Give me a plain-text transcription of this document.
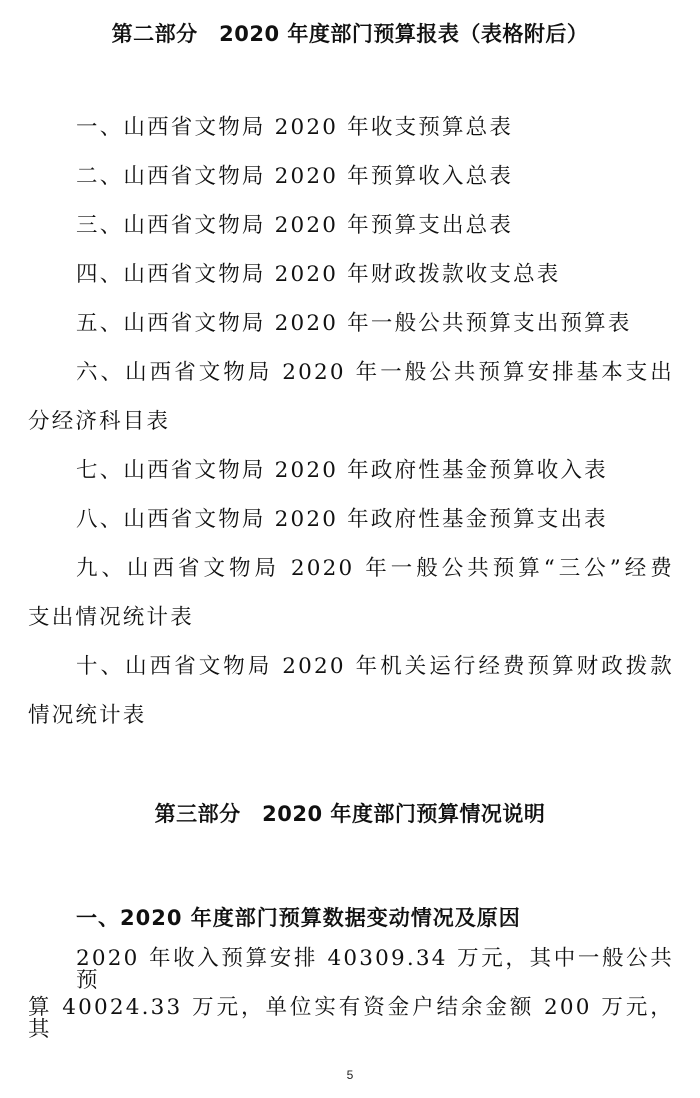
第二部分　2020 年度部门预算报表（表格附后）
一、山西省文物局 2020 年收支预算总表
二、山西省文物局 2020 年预算收入总表
三、山西省文物局 2020 年预算支出总表
四、山西省文物局 2020 年财政拨款收支总表
五、山西省文物局 2020 年一般公共预算支出预算表
六、山西省文物局 2020 年一般公共预算安排基本支出
分经济科目表
七、山西省文物局 2020 年政府性基金预算收入表
八、山西省文物局 2020 年政府性基金预算支出表
九、山西省文物局 2020 年一般公共预算“三公”经费
支出情况统计表
十、山西省文物局 2020 年机关运行经费预算财政拨款
情况统计表
第三部分　2020 年度部门预算情况说明
一、2020 年度部门预算数据变动情况及原因
2020 年收入预算安排 40309.34 万元，其中一般公共预
算 40024.33 万元，单位实有资金户结余金额 200 万元，其
5
